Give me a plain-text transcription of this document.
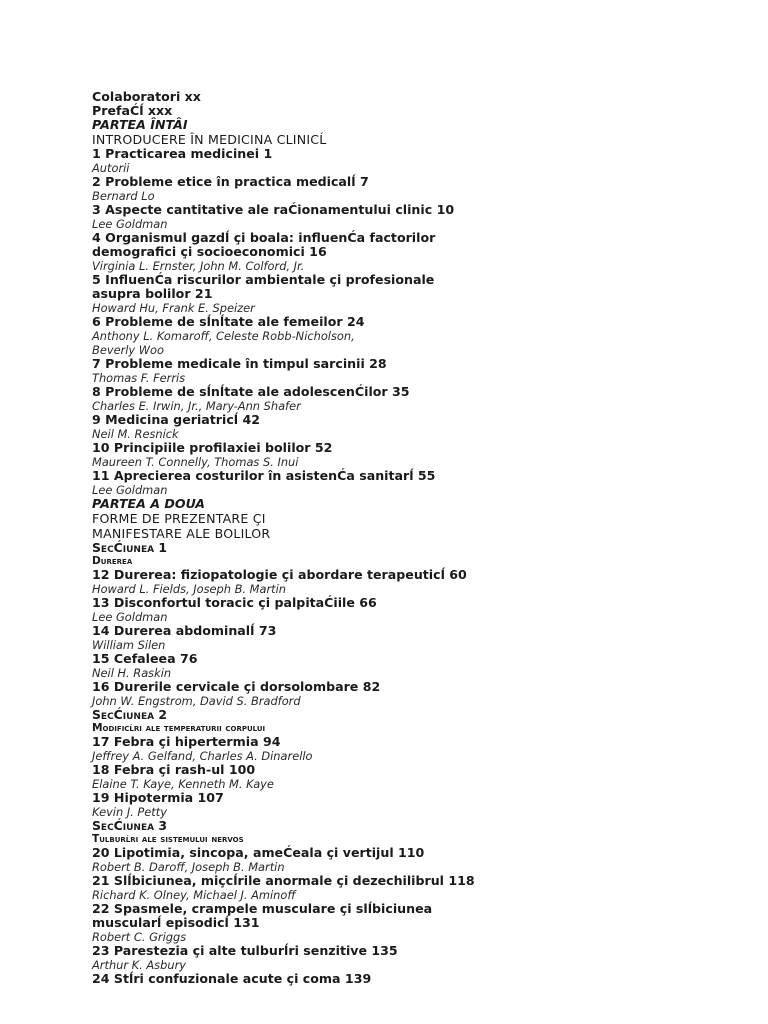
Colaboratori xx
PrefaĆĺ xxx
PARTEA ÎNTÂI
INTRODUCERE ÎN MEDICINA CLINICĹ
1 Practicarea medicinei 1
Autorii
2 Probleme etice în practica medicalĺ 7
Bernard Lo
3 Aspecte cantitative ale raĆionamentului clinic 10
Lee Goldman
4 Organismul gazdĺ çi boala: influenĆa factorilor
demografici çi socioeconomici 16
Virginia L. Ernster, John M. Colford, Jr.
5 InfluenĆa riscurilor ambientale çi profesionale
asupra bolilor 21
Howard Hu, Frank E. Speizer
6 Probleme de sĺnĺtate ale femeilor 24
Anthony L. Komaroff, Celeste Robb-Nicholson,
Beverly Woo
7 Probleme medicale în timpul sarcinii 28
Thomas F. Ferris
8 Probleme de sĺnĺtate ale adolescenĆilor 35
Charles E. Irwin, Jr., Mary-Ann Shafer
9 Medicina geriatricĺ 42
Neil M. Resnick
10 Principiile profilaxiei bolilor 52
Maureen T. Connelly, Thomas S. Inui
11 Aprecierea costurilor în asistenĆa sanitarĺ 55
Lee Goldman
PARTEA A DOUA
FORME DE PREZENTARE ÇI
MANIFESTARE ALE BOLILOR
SecĆiunea 1
Durerea
12 Durerea: fiziopatologie çi abordare terapeuticĺ 60
Howard L. Fields, Joseph B. Martin
13 Disconfortul toracic çi palpitaĆiile 66
Lee Goldman
14 Durerea abdominalĺ 73
William Silen
15 Cefaleea 76
Neil H. Raskin
16 Durerile cervicale çi dorsolombare 82
John W. Engstrom, David S. Bradford
SecĆiunea 2
Modificĺri ale temperaturii corpului
17 Febra çi hipertermia 94
Jeffrey A. Gelfand, Charles A. Dinarello
18 Febra çi rash-ul 100
Elaine T. Kaye, Kenneth M. Kaye
19 Hipotermia 107
Kevin J. Petty
SecĆiunea 3
Tulburĺri ale sistemului nervos
20 Lipotimia, sincopa, ameĆeala çi vertijul 110
Robert B. Daroff, Joseph B. Martin
21 Slĺbiciunea, miçcĺrile anormale çi dezechilibrul 118
Richard K. Olney, Michael J. Aminoff
22 Spasmele, crampele musculare çi slĺbiciunea
muscularĺ episodicĺ 131
Robert C. Griggs
23 Parestezia çi alte tulburĺri senzitive 135
Arthur K. Asbury
24 Stĺri confuzionale acute çi coma 139
